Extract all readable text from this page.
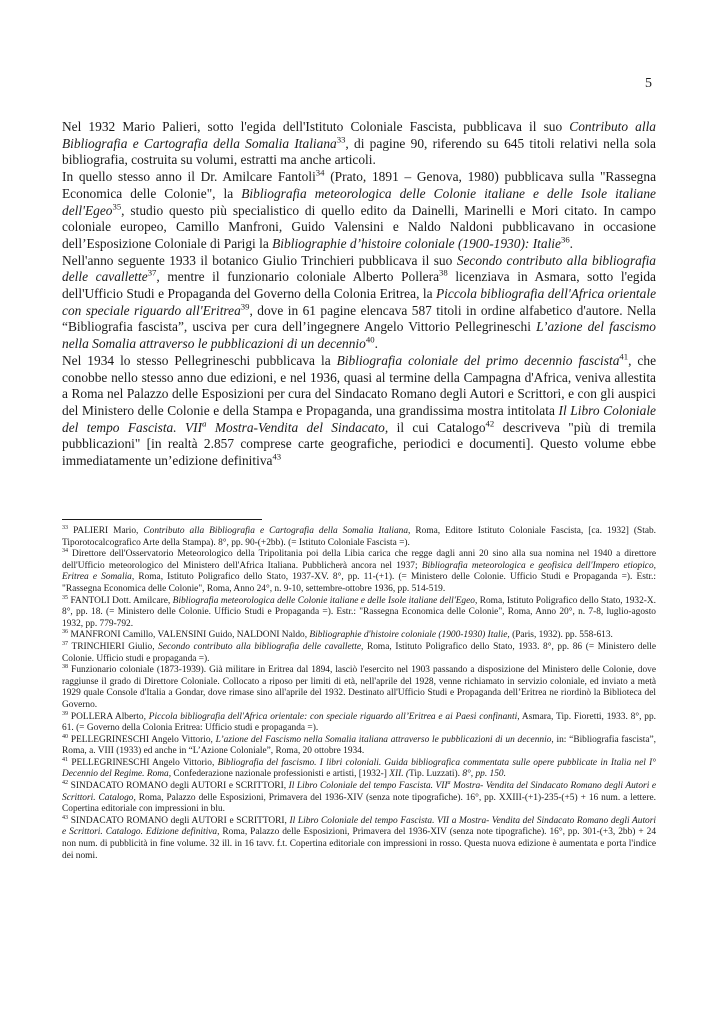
5

Nel 1932 Mario Palieri, sotto l'egida dell'Istituto Coloniale Fascista, pubblicava il suo Contributo alla Bibliografia e Cartografia della Somalia Italiana$^{33}$, di pagine 90, riferendo su 645 titoli relativi nella sola bibliografia, costruita su volumi, estratti ma anche articoli.

In quello stesso anno il Dr. Amilcare Fantoli$^{34}$ (Prato, 1891 – Genova, 1980) pubblicava sulla "Rassegna Economica delle Colonie", la Bibliografia meteorologica delle Colonie italiane e delle Isole italiane dell'Egeo$^{35}$, studio questo più specialistico di quello edito da Dainelli, Marinelli e Mori citato. In campo coloniale europeo, Camillo Manfroni, Guido Valensini e Naldo Naldoni pubblicavano in occasione dell’Esposizione Coloniale di Parigi la Bibliographie d’histoire coloniale (1900-1930): Italie$^{36}$.

Nell'anno seguente 1933 il botanico Giulio Trinchieri pubblicava il suo Secondo contributo alla bibliografia delle cavallette$^{37}$, mentre il funzionario coloniale Alberto Pollera$^{38}$ licenziava in Asmara, sotto l'egida dell'Ufficio Studi e Propaganda del Governo della Colonia Eritrea, la Piccola bibliografia dell'Africa orientale con speciale riguardo all'Eritrea$^{39}$, dove in 61 pagine elencava 587 titoli in ordine alfabetico d'autore. Nella “Bibliografia fascista”, usciva per cura dell’ingegnere Angelo Vittorio Pellegrineschi L’azione del fascismo nella Somalia attraverso le pubblicazioni di un decennio$^{40}$.

Nel 1934 lo stesso Pellegrineschi pubblicava la Bibliografia coloniale del primo decennio fascista$^{41}$, che conobbe nello stesso anno due edizioni, e nel 1936, quasi al termine della Campagna d'Africa, veniva allestita a Roma nel Palazzo delle Esposizioni per cura del Sindacato Romano degli Autori e Scrittori, e con gli auspici del Ministero delle Colonie e della Stampa e Propaganda, una grandissima mostra intitolata Il Libro Coloniale del tempo Fascista. VII$^a$ Mostra-Vendita del Sindacato, il cui Catalogo$^{42}$ descriveva "più di tremila pubblicazioni" [in realtà 2.857 comprese carte geografiche, periodici e documenti]. Questo volume ebbe immediatamente un’edizione definitiva$^{43}$

$^{33}$ PALIERI Mario, Contributo alla Bibliografia e Cartografia della Somalia Italiana, Roma, Editore Istituto Coloniale Fascista, [ca. 1932] (Stab. Tiporotocalcografico Arte della Stampa). 8°, pp. 90-(+2bb). (= Istituto Coloniale Fascista =).

$^{34}$ Direttore dell'Osservatorio Meteorologico della Tripolitania poi della Libia carica che regge dagli anni 20 sino alla sua nomina nel 1940 a direttore dell'Ufficio meteorologico del Ministero dell'Africa Italiana. Pubblicherà ancora nel 1937; Bibliografia meteorologica e geofisica dell'Impero etiopico, Eritrea e Somalia, Roma, Istituto Poligrafico dello Stato, 1937-XV. 8°, pp. 11-(+1). (= Ministero delle Colonie. Ufficio Studi e Propaganda =). Estr.: "Rassegna Economica delle Colonie", Roma, Anno 24°, n. 9-10, settembre-ottobre 1936, pp. 514-519.

$^{35}$ FANTOLI Dott. Amilcare, Bibliografia meteorologica delle Colonie italiane e delle Isole italiane dell'Egeo, Roma, Istituto Poligrafico dello Stato, 1932-X. 8°, pp. 18. (= Ministero delle Colonie. Ufficio Studi e Propaganda =). Estr.: "Rassegna Economica delle Colonie", Roma, Anno 20°, n. 7-8, luglio-agosto 1932, pp. 779-792.

$^{36}$ MANFRONI Camillo, VALENSINI Guido, NALDONI Naldo, Bibliographie d'histoire coloniale (1900-1930) Italie, (Paris, 1932). pp. 558-613.

$^{37}$ TRINCHIERI Giulio, Secondo contributo alla bibliografia delle cavallette, Roma, Istituto Poligrafico dello Stato, 1933. 8°, pp. 86 (= Ministero delle Colonie. Ufficio studi e propaganda =).

$^{38}$ Funzionario coloniale (1873-1939). Già militare in Eritrea dal 1894, lasciò l'esercito nel 1903 passando a disposizione del Ministero delle Colonie, dove raggiunse il grado di Direttore Coloniale. Collocato a riposo per limiti di età, nell'aprile del 1928, venne richiamato in servizio coloniale, ed inviato a metà 1929 quale Console d'Italia a Gondar, dove rimase sino all'aprile del 1932. Destinato all'Ufficio Studi e Propaganda dell’Eritrea ne riordinò la Biblioteca del Governo.

$^{39}$ POLLERA Alberto, Piccola bibliografia dell'Africa orientale: con speciale riguardo all’Eritrea e ai Paesi confinanti, Asmara, Tip. Fioretti, 1933. 8°, pp. 61. (= Governo della Colonia Eritrea: Ufficio studi e propaganda =).

$^{40}$ PELLEGRINESCHI Angelo Vittorio, L’azione del Fascismo nella Somalia italiana attraverso le pubblicazioni di un decennio, in: “Bibliografia fascista”, Roma, a. VIII (1933) ed anche in “L’Azione Coloniale”, Roma, 20 ottobre 1934.

$^{41}$ PELLEGRINESCHI Angelo Vittorio, Bibliografia del fascismo. I libri coloniali. Guida bibliografica commentata sulle opere pubblicate in Italia nel I° Decennio del Regime. Roma, Confederazione nazionale professionisti e artisti, [1932-] XII. (Tip. Luzzati). 8°, pp. 150.

$^{42}$ SINDACATO ROMANO degli AUTORI e SCRITTORI, Il Libro Coloniale del tempo Fascista. VII$^a$ Mostra- Vendita del Sindacato Romano degli Autori e Scrittori. Catalogo, Roma, Palazzo delle Esposizioni, Primavera del 1936-XIV (senza note tipografiche). 16°, pp. XXIII-(+1)-235-(+5) + 16 num. a lettere. Copertina editoriale con impressioni in blu.

$^{43}$ SINDACATO ROMANO degli AUTORI e SCRITTORI, Il Libro Coloniale del tempo Fascista. VII a Mostra- Vendita del Sindacato Romano degli Autori e Scrittori. Catalogo. Edizione definitiva, Roma, Palazzo delle Esposizioni, Primavera del 1936-XIV (senza note tipografiche). 16°, pp. 301-(+3, 2bb) + 24 non num. di pubblicità in fine volume. 32 ill. in 16 tavv. f.t. Copertina editoriale con impressioni in rosso. Questa nuova edizione è aumentata e porta l'indice dei nomi.
